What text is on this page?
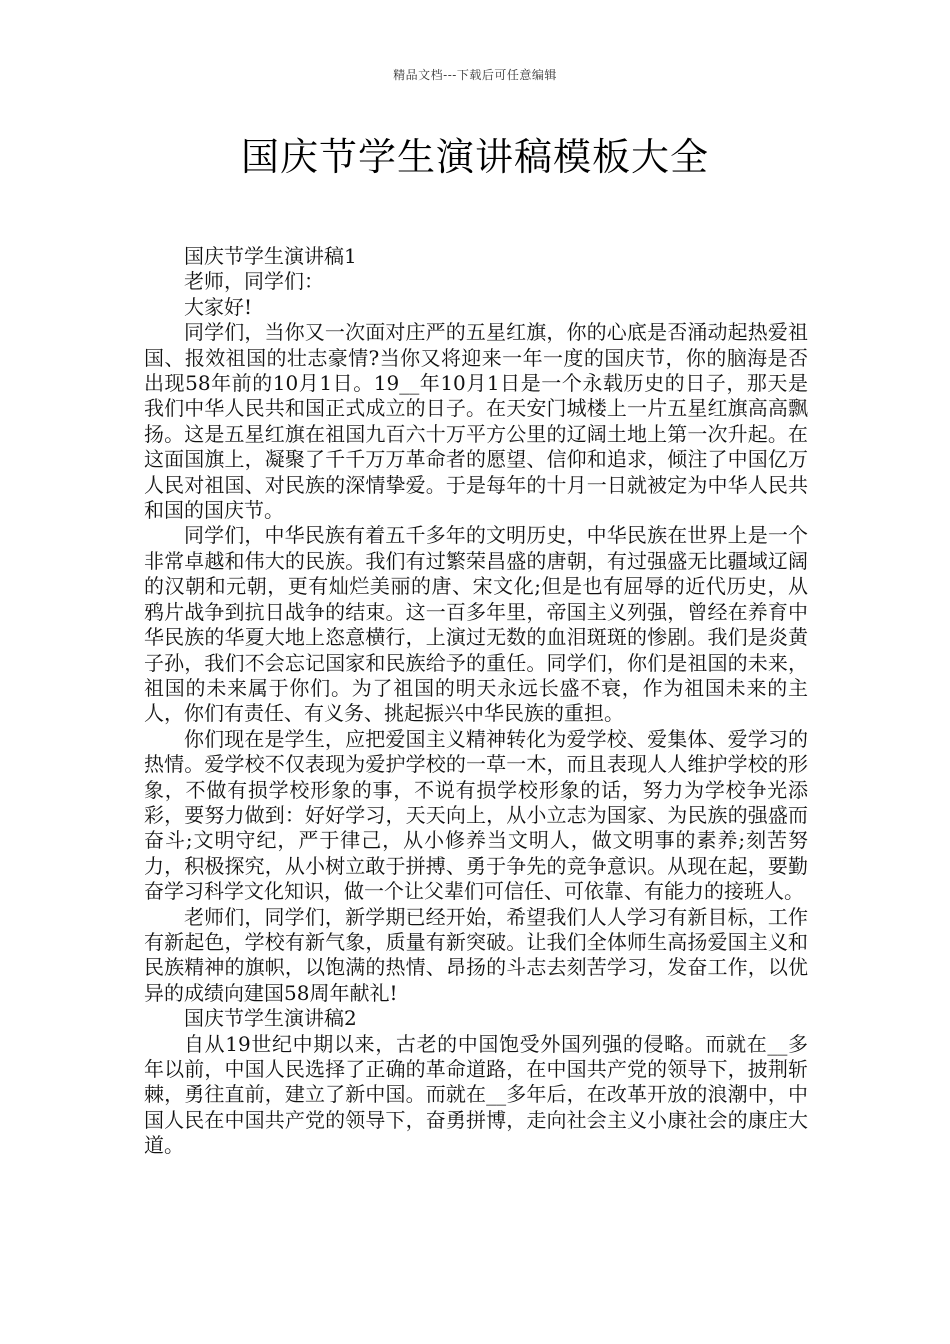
精品文档---下载后可任意编辑
国庆节学生演讲稿模板大全

国庆节学生演讲稿1

老师，同学们：

大家好!

同学们，当你又一次面对庄严的五星红旗，你的心底是否涌动起热爱祖国、报效祖国的壮志豪情?当你又将迎来一年一度的国庆节，你的脑海是否出现58年前的10月1日。19__年10月1日是一个永载历史的日子，那天是我们中华人民共和国正式成立的日子。在天安门城楼上一片五星红旗高高飘扬。这是五星红旗在祖国九百六十万平方公里的辽阔土地上第一次升起。在这面国旗上，凝聚了千千万万革命者的愿望、信仰和追求，倾注了中国亿万人民对祖国、对民族的深情挚爱。于是每年的十月一日就被定为中华人民共和国的国庆节。

同学们，中华民族有着五千多年的文明历史，中华民族在世界上是一个非常卓越和伟大的民族。我们有过繁荣昌盛的唐朝，有过强盛无比疆域辽阔的汉朝和元朝，更有灿烂美丽的唐、宋文化;但是也有屈辱的近代历史，从鸦片战争到抗日战争的结束。这一百多年里，帝国主义列强，曾经在养育中华民族的华夏大地上恣意横行，上演过无数的血泪斑斑的惨剧。我们是炎黄子孙，我们不会忘记国家和民族给予的重任。同学们，你们是祖国的未来，祖国的未来属于你们。为了祖国的明天永远长盛不衰，作为祖国未来的主人，你们有责任、有义务、挑起振兴中华民族的重担。

你们现在是学生，应把爱国主义精神转化为爱学校、爱集体、爱学习的热情。爱学校不仅表现为爱护学校的一草一木，而且表现人人维护学校的形象，不做有损学校形象的事，不说有损学校形象的话，努力为学校争光添彩，要努力做到：好好学习，天天向上，从小立志为国家、为民族的强盛而奋斗;文明守纪，严于律己，从小修养当文明人，做文明事的素养;刻苦努力，积极探究，从小树立敢于拼搏、勇于争先的竞争意识。从现在起，要勤奋学习科学文化知识，做一个让父辈们可信任、可依靠、有能力的接班人。

老师们，同学们，新学期已经开始，希望我们人人学习有新目标，工作有新起色，学校有新气象，质量有新突破。让我们全体师生高扬爱国主义和民族精神的旗帜，以饱满的热情、昂扬的斗志去刻苦学习，发奋工作，以优异的成绩向建国58周年献礼!

国庆节学生演讲稿2

自从19世纪中期以来，古老的中国饱受外国列强的侵略。而就在__多年以前，中国人民选择了正确的革命道路，在中国共产党的领导下，披荆斩棘，勇往直前，建立了新中国。而就在__多年后，在改革开放的浪潮中，中国人民在中国共产党的领导下，奋勇拼博，走向社会主义小康社会的康庄大道。
